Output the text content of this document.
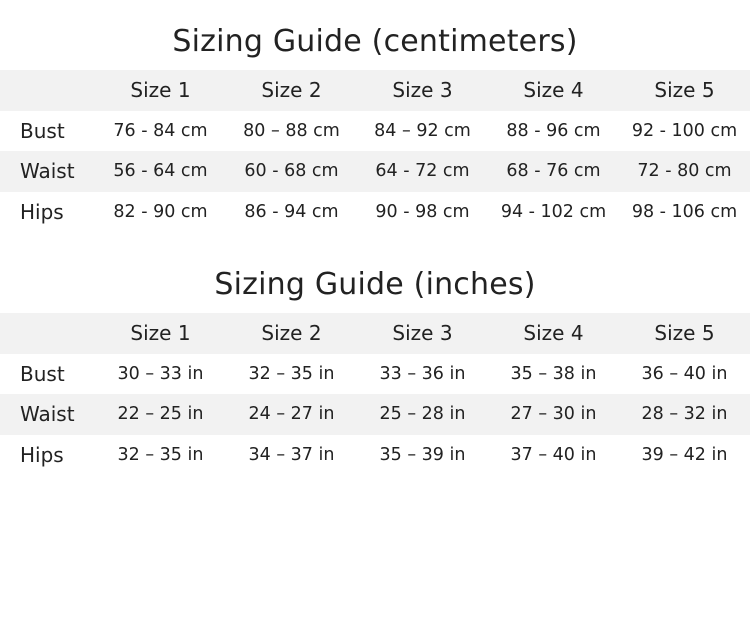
Sizing Guide (centimeters)
	Size 1	Size 2	Size 3	Size 4	Size 5
Bust	76 - 84 cm	80 – 88 cm	84 – 92 cm	88 - 96 cm	92 - 100 cm
Waist	56 - 64 cm	60 - 68 cm	64 - 72 cm	68 - 76 cm	72 - 80 cm
Hips	82 - 90 cm	86 - 94 cm	90 - 98 cm	94 - 102 cm	98 - 106 cm
Sizing Guide (inches)
	Size 1	Size 2	Size 3	Size 4	Size 5
Bust	30 – 33 in	32 – 35 in	33 – 36 in	35 – 38 in	36 – 40 in
Waist	22 – 25 in	24 – 27 in	25 – 28 in	27 – 30 in	28 – 32 in
Hips	32 – 35 in	34 – 37 in	35 – 39 in	37 – 40 in	39 – 42 in
